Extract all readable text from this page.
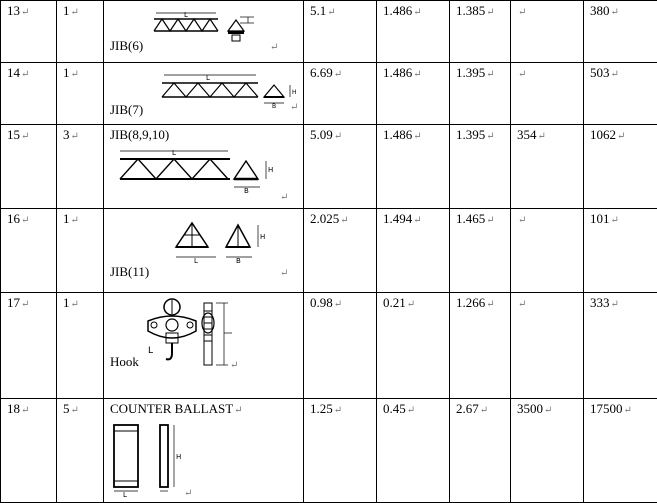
13↵	1↵	L
JIB(6) ↵	5.1↵	1.486↵	1.385↵	↵	380↵
14↵	1↵	L
B
H
JIB(7) ↵	6.69↵	1.486↵	1.395↵	↵	503↵
15↵	3↵	JIB(8,9,10)
L
B
H
↵	5.09↵	1.486↵	1.395↵	354↵	1062↵
16↵	1↵	L B
H
JIB(11) ↵	2.025↵	1.494↵	1.465↵	↵	101↵
17↵	1↵	L
Hook ↵	0.98↵	0.21↵	1.266↵	↵	333↵
18↵	5↵	COUNTER BALLAST↵
L
H
↵	1.25↵	0.45↵	2.67↵	3500↵	17500↵
